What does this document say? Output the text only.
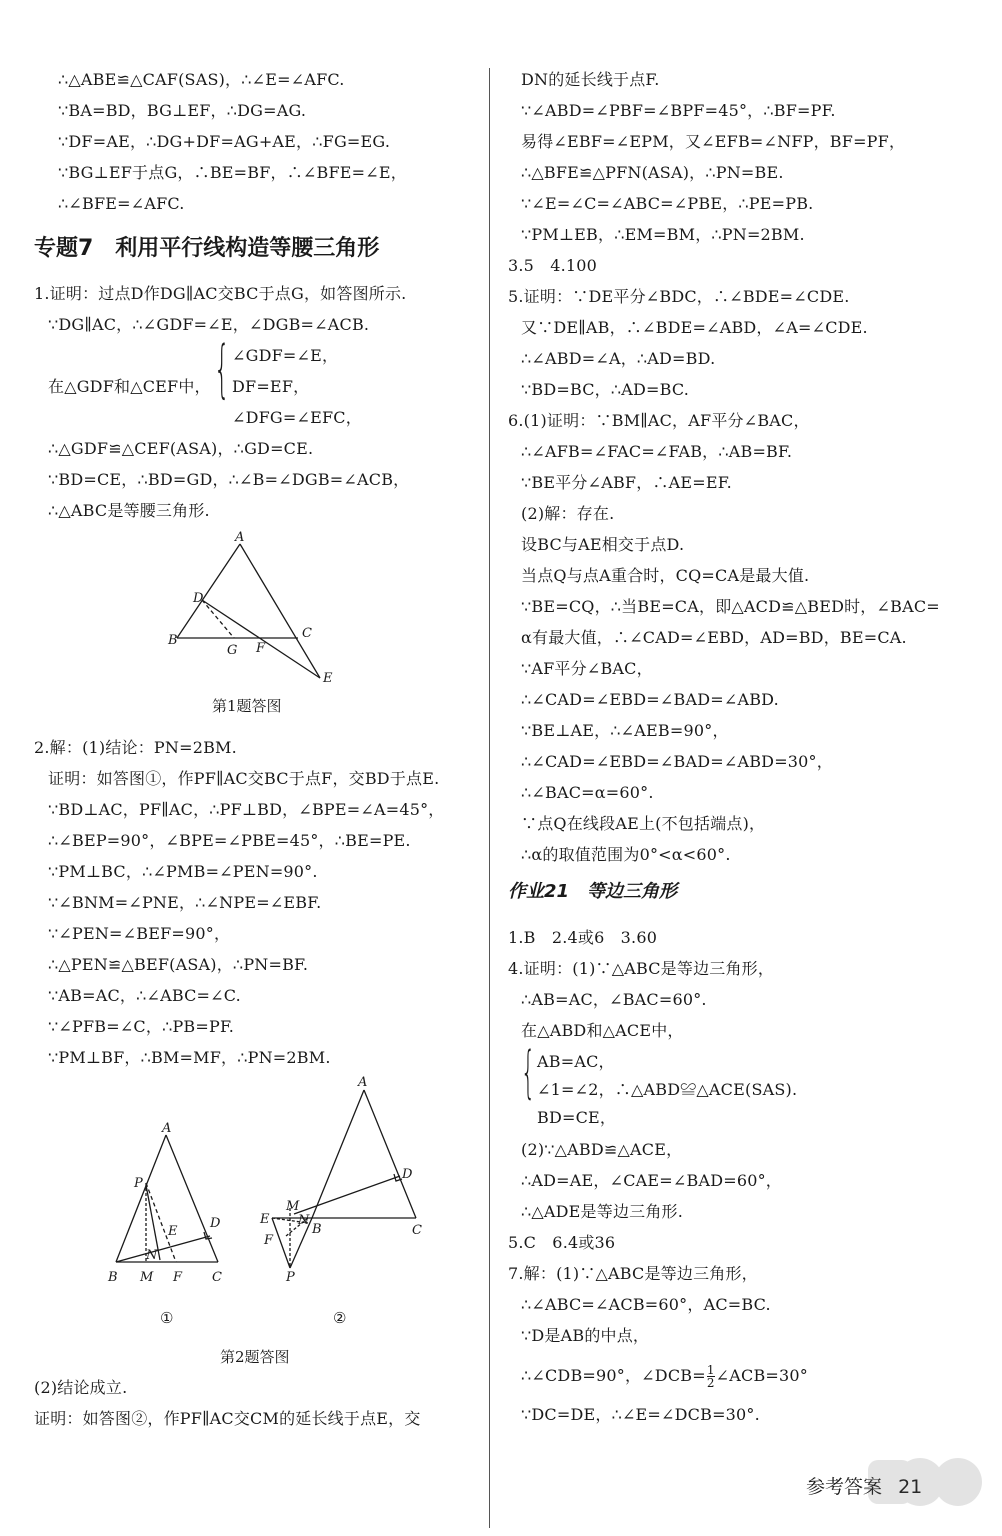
∴△ABE≌△CAF(SAS)，∴∠E=∠AFC.
∵BA=BD，BG⊥EF，∴DG=AG.
∵DF=AE，∴DG+DF=AG+AE，∴FG=EG.
∵BG⊥EF于点G，∴BE=BF，∴∠BFE=∠E，
∴∠BFE=∠AFC.
专题7　利用平行线构造等腰三角形
1.证明：过点D作DG∥AC交BC于点G，如答图所示.
∵DG∥AC，∴∠GDF=∠E，∠DGB=∠ACB.
在△GDF和△CEF中， { ∠GDF=∠E，
DF=EF，
∠DFG=∠EFC，
∴△GDF≌△CEF(ASA)，∴GD=CE.
∵BD=CE，∴BD=GD，∴∠B=∠DGB=∠ACB，
∴△ABC是等腰三角形.
A
D
B	C
G F
E
第1题答图
2.解：(1)结论：PN=2BM.
证明：如答图①，作PF∥AC交BC于点F，交BD于点E.
∵BD⊥AC，PF∥AC，∴PF⊥BD，∠BPE=∠A=45°，
∴∠BEP=90°，∠BPE=∠PBE=45°，∴BE=PE.
∵PM⊥BC，∴∠PMB=∠PEN=90°.
∵∠BNM=∠PNE，∴∠NPE=∠EBF.
∵∠PEN=∠BEF=90°，
∴△PEN≌△BEF(ASA)，∴PN=BF.
∵AB=AC，∴∠ABC=∠C.
∵∠PFB=∠C，∴PB=PF.
∵PM⊥BF，∴BM=MF，∴PN=2BM.
A
P
E
D
N
B M F C
A
D
M
E N
B
F
P
C
①	②
第2题答图
(2)结论成立.
证明：如答图②，作PF∥AC交CM的延长线于点E，交
DN的延长线于点F.
∵∠ABD=∠PBF=∠BPF=45°，∴BF=PF.
易得∠EBF=∠EPM，又∠EFB=∠NFP，BF=PF，
∴△BFE≌△PFN(ASA)，∴PN=BE.
∵∠E=∠C=∠ABC=∠PBE，∴PE=PB.
∵PM⊥EB，∴EM=BM，∴PN=2BM.
3.5　4.100
5.证明：∵DE平分∠BDC，∴∠BDE=∠CDE.
又∵DE∥AB，∴∠BDE=∠ABD，∠A=∠CDE.
∴∠ABD=∠A，∴AD=BD.
∵BD=BC，∴AD=BC.
6.(1)证明：∵BM∥AC，AF平分∠BAC，
∴∠AFB=∠FAC=∠FAB，∴AB=BF.
∵BE平分∠ABF，∴AE=EF.
(2)解：存在.
设BC与AE相交于点D.
当点Q与点A重合时，CQ=CA是最大值.
∵BE=CQ，∴当BE=CA，即△ACD≌△BED时，∠BAC=
α有最大值，∴∠CAD=∠EBD，AD=BD，BE=CA.
∵AF平分∠BAC，
∴∠CAD=∠EBD=∠BAD=∠ABD.
∵BE⊥AE，∴∠AEB=90°，
∴∠CAD=∠EBD=∠BAD=∠ABD=30°，
∴∠BAC=α=60°.
∵点Q在线段AE上(不包括端点)，
∴α的取值范围为0°<α<60°.
作业21　等边三角形
1.B　2.4或6　3.60
4.证明：(1)∵△ABC是等边三角形，
∴AB=AC，∠BAC=60°.
在△ABD和△ACE中，
{ AB=AC，
∠1=∠2，∴△ABD≌△ACE(SAS).
BD=CE，
(2)∵△ABD≌△ACE，
∴AD=AE，∠CAE=∠BAD=60°，
∴△ADE是等边三角形.
5.C　6.4或36
7.解：(1)∵△ABC是等边三角形，
∴∠ABC=∠ACB=60°，AC=BC.
∵D是AB的中点，
∴∠CDB=90°，∠DCB= $\frac{1}{2}$ ∠ACB=30°
∵DC=DE，∴∠E=∠DCB=30°.
参考答案 21
